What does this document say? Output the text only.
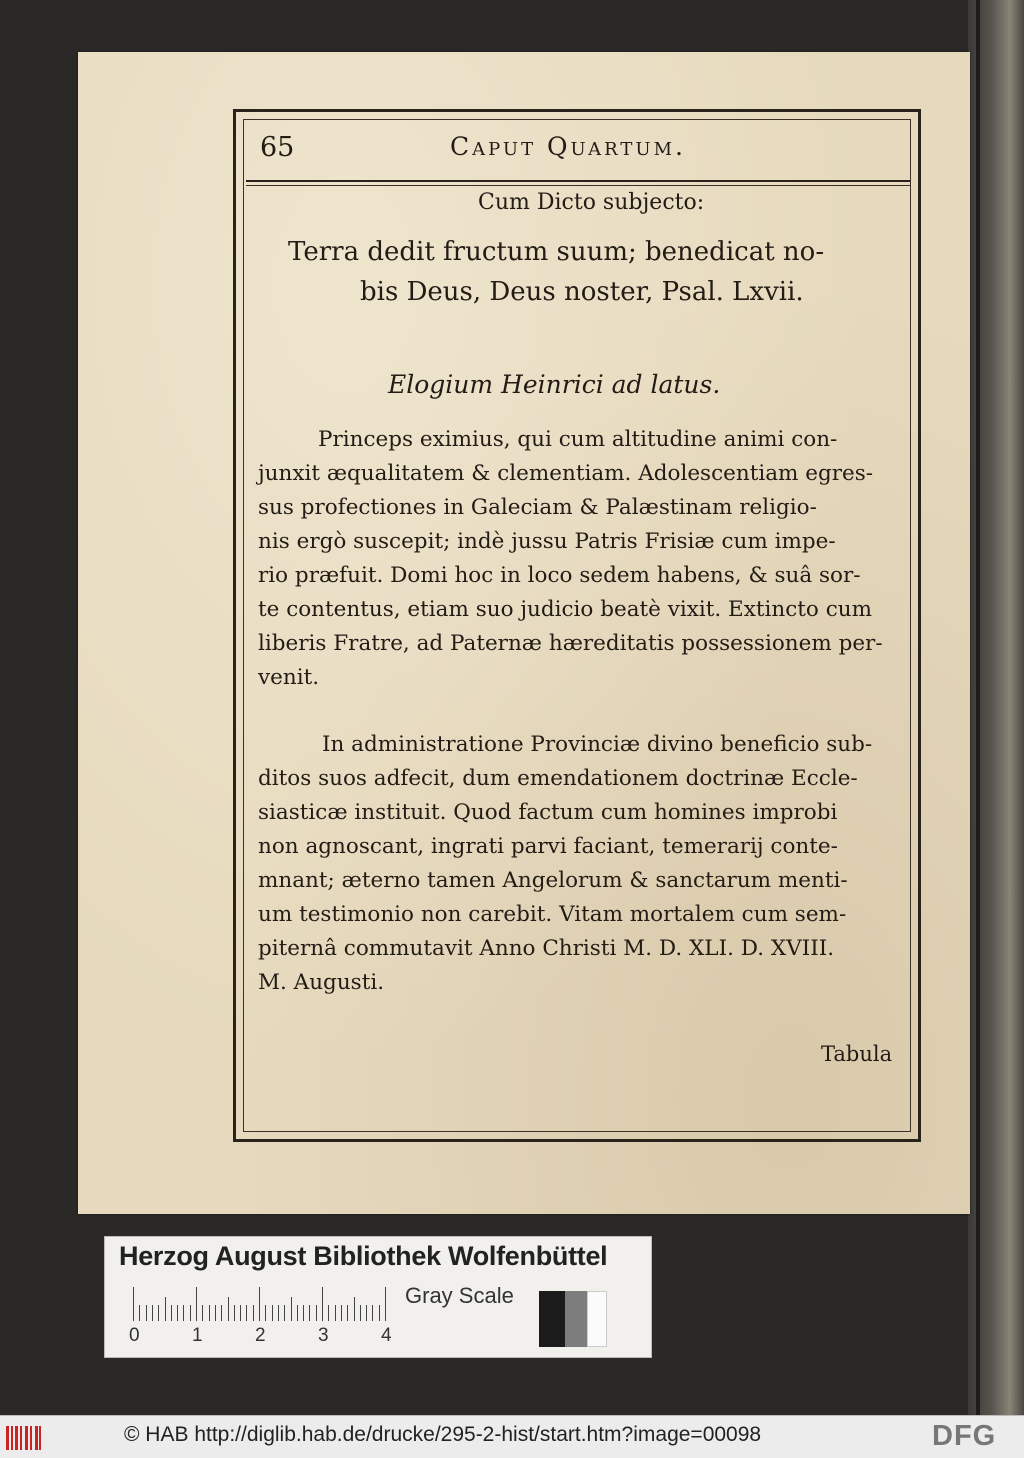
65	Caput Quartum.
Cum Dicto subjecto:
Terra dedit fructum suum; benedicat no-
bis Deus, Deus noster, Psal. Lxvii.
Elogium Heinrici ad latus.
Princeps eximius, qui cum altitudine animi con-
junxit æqualitatem & clementiam. Adolescentiam egres-
sus profectiones in Galeciam & Palæstinam religio-
nis ergò suscepit; indè jussu Patris Frisiæ cum impe-
rio præfuit. Domi hoc in loco sedem habens, & suâ sor-
te contentus, etiam suo judicio beatè vixit. Extincto cum
liberis Fratre, ad Paternæ hæreditatis possessionem per-
venit.
In administratione Provinciæ divino beneficio sub-
ditos suos adfecit, dum emendationem doctrinæ Eccle-
siasticæ instituit. Quod factum cum homines improbi
non agnoscant, ingrati parvi faciant, temerarij conte-
mnant; æterno tamen Angelorum & sanctarum menti-
um testimonio non carebit. Vitam mortalem cum sem-
piternâ commutavit Anno Christi M. D. XLI. D. XVIII.
M. Augusti.
Tabula
Herzog August Bibliothek Wolfenbüttel
0	1	2	3	4
Gray Scale
© HAB http://diglib.hab.de/drucke/295-2-hist/start.htm?image=00098	DFG
